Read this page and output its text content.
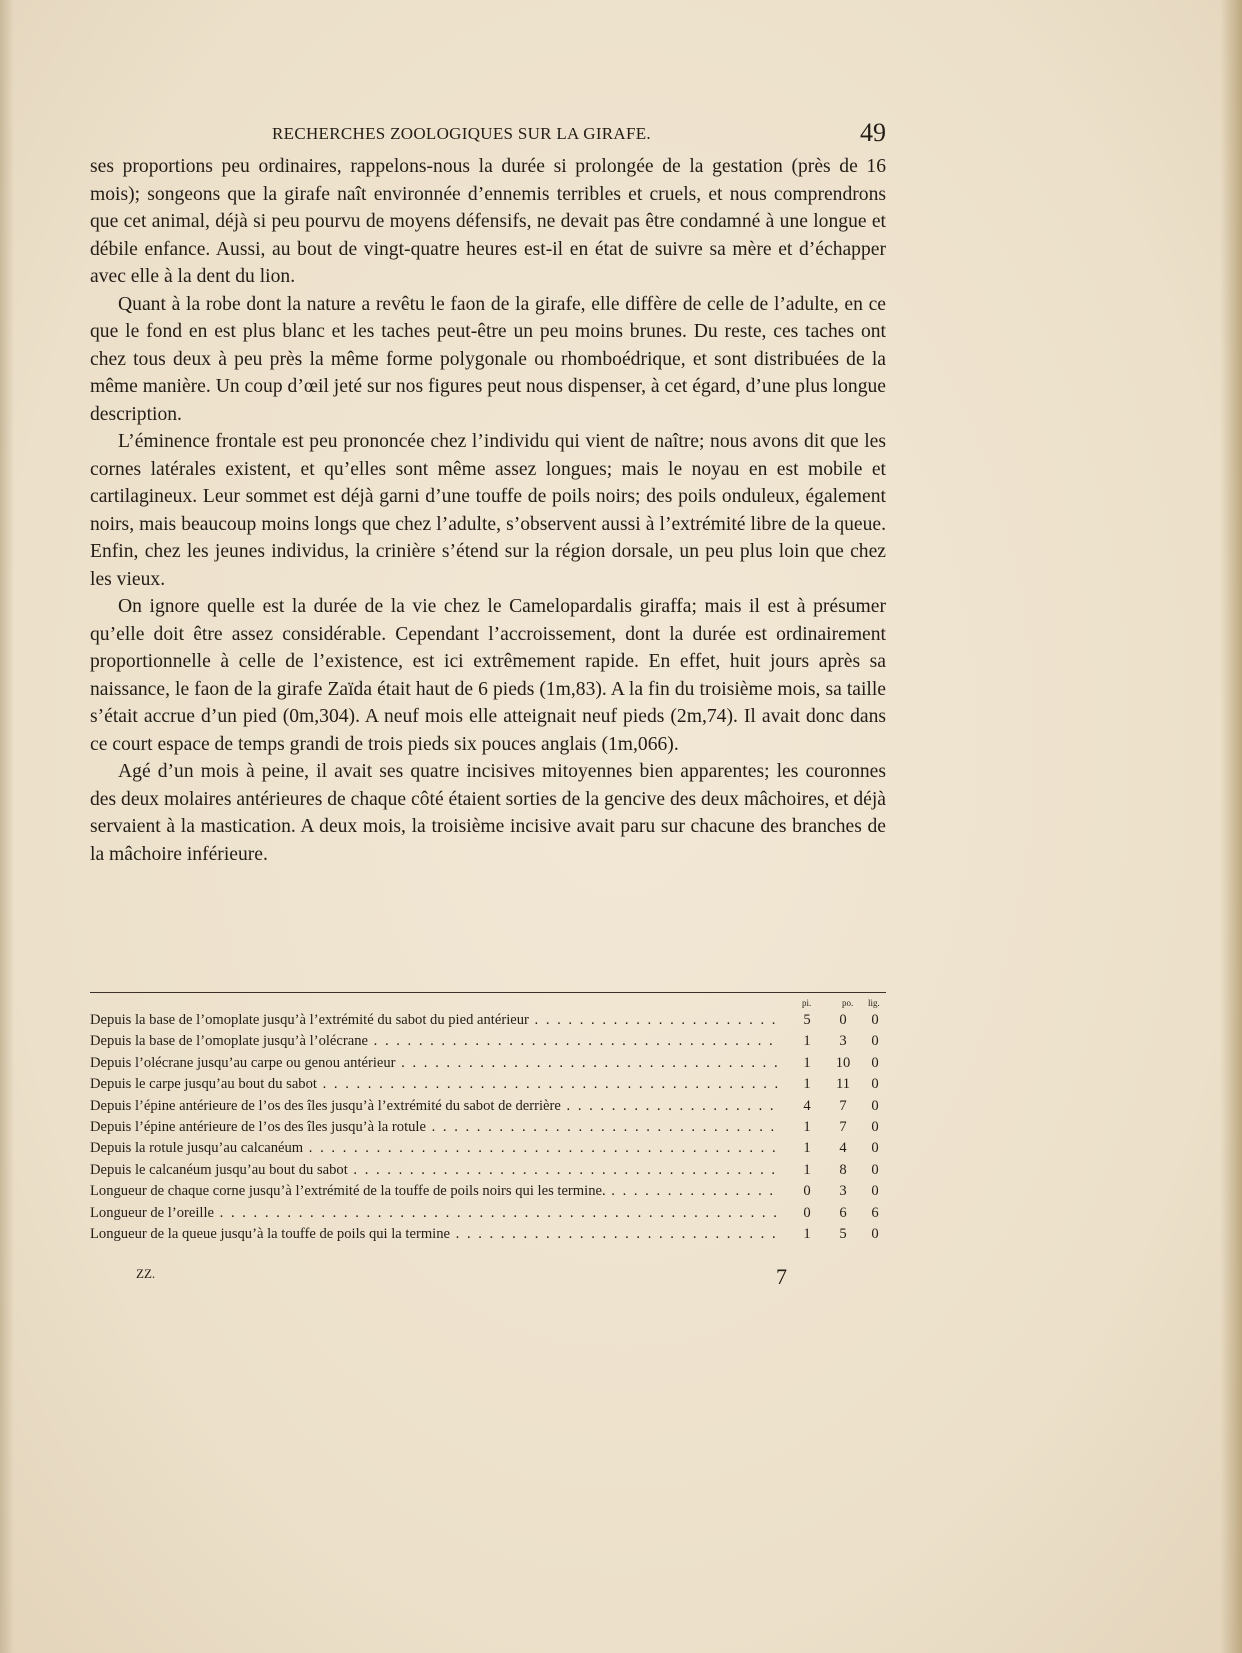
RECHERCHES ZOOLOGIQUES SUR LA GIRAFE.	49

ses proportions peu ordinaires, rappelons-nous la durée si prolongée de la gestation (près de 16 mois); songeons que la girafe naît environnée d’ennemis terribles et cruels, et nous comprendrons que cet animal, déjà si peu pourvu de moyens défensifs, ne devait pas être condamné à une longue et débile enfance. Aussi, au bout de vingt-quatre heures est-il en état de suivre sa mère et d’échapper avec elle à la dent du lion.

Quant à la robe dont la nature a revêtu le faon de la girafe, elle diffère de celle de l’adulte, en ce que le fond en est plus blanc et les taches peut-être un peu moins brunes. Du reste, ces taches ont chez tous deux à peu près la même forme polygonale ou rhomboédrique, et sont distribuées de la même manière. Un coup d’œil jeté sur nos figures peut nous dispenser, à cet égard, d’une plus longue description.

L’éminence frontale est peu prononcée chez l’individu qui vient de naître; nous avons dit que les cornes latérales existent, et qu’elles sont même assez longues; mais le noyau en est mobile et cartilagineux. Leur sommet est déjà garni d’une touffe de poils noirs; des poils onduleux, également noirs, mais beaucoup moins longs que chez l’adulte, s’observent aussi à l’extrémité libre de la queue. Enfin, chez les jeunes individus, la crinière s’étend sur la région dorsale, un peu plus loin que chez les vieux.

On ignore quelle est la durée de la vie chez le Camelopardalis giraffa; mais il est à présumer qu’elle doit être assez considérable. Cependant l’accroissement, dont la durée est ordinairement proportionnelle à celle de l’existence, est ici extrêmement rapide. En effet, huit jours après sa naissance, le faon de la girafe Zaïda était haut de 6 pieds (1m,83). A la fin du troisième mois, sa taille s’était accrue d’un pied (0m,304). A neuf mois elle atteignait neuf pieds (2m,74). Il avait donc dans ce court espace de temps grandi de trois pieds six pouces anglais (1m,066).

Agé d’un mois à peine, il avait ses quatre incisives mitoyennes bien apparentes; les couronnes des deux molaires antérieures de chaque côté étaient sorties de la gencive des deux mâchoires, et déjà servaient à la mastication. A deux mois, la troisième incisive avait paru sur chacune des branches de la mâchoire inférieure.

pi.	po. lig.
Depuis la base de l’omoplate jusqu’à l’extrémité du sabot du pied antérieur . . .	5	0	0
Depuis la base de l’omoplate jusqu’à l’olécrane . . .	1	3	0
Depuis l’olécrane jusqu’au carpe ou genou antérieur . . .	1	10	0
Depuis le carpe jusqu’au bout du sabot . . .	1	11	0
Depuis l’épine antérieure de l’os des îles jusqu’à l’extrémité du sabot de derrière . . .	4	7	0
Depuis l’épine antérieure de l’os des îles jusqu’à la rotule . . .	1	7	0
Depuis la rotule jusqu’au calcanéum . . .	1	4	0
Depuis le calcanéum jusqu’au bout du sabot . . .	1	8	0
Longueur de chaque corne jusqu’à l’extrémité de la touffe de poils noirs qui les termine. . . .	0	3	0
Longueur de l’oreille . . .	0	6	6
Longueur de la queue jusqu’à la touffe de poils qui la termine . . .	1	5	0
ZZ.	7
